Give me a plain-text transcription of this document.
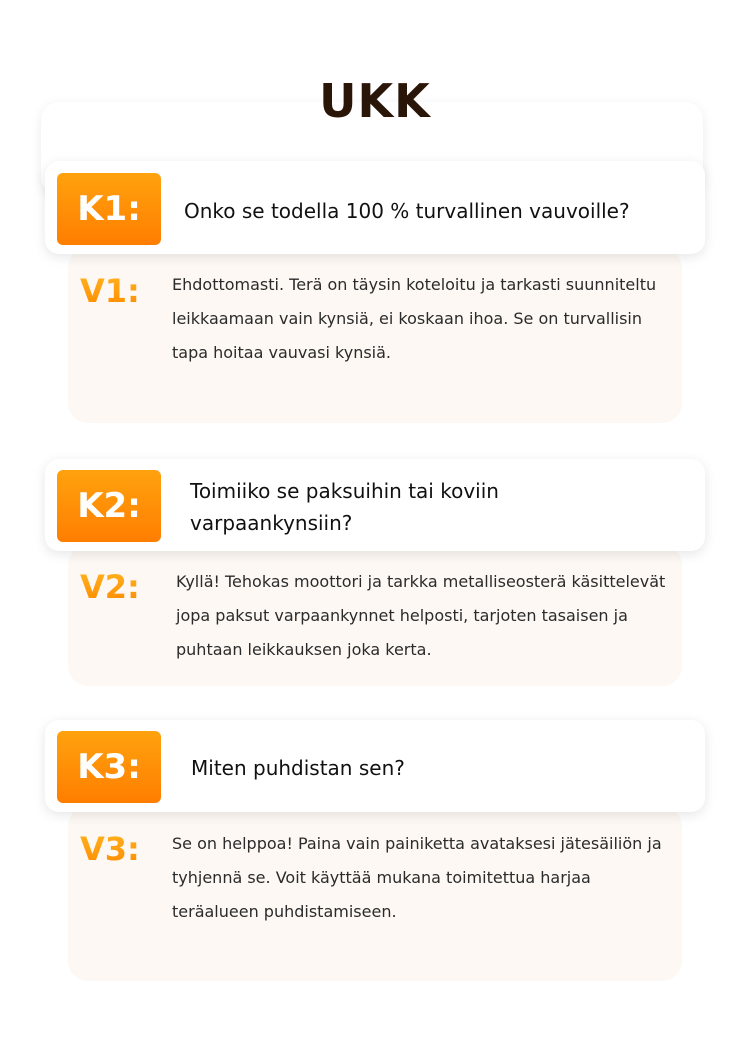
UKK
K1:	Onko se todella 100 % turvallinen vauvoille?
V1: Ehdottomasti. Terä on täysin koteloitu ja tarkasti suunniteltu leikkaamaan vain kynsiä, ei koskaan ihoa. Se on turvallisin tapa hoitaa vauvasi kynsiä.
K2:	Toimiiko se paksuihin tai koviin varpaankynsiin?
V2: Kyllä! Tehokas moottori ja tarkka metalliseosterä käsittelevät jopa paksut varpaankynnet helposti, tarjoten tasaisen ja puhtaan leikkauksen joka kerta.
K3:	Miten puhdistan sen?
V3: Se on helppoa! Paina vain painiketta avataksesi jätesäiliön ja tyhjennä se. Voit käyttää mukana toimitettua harjaa teräalueen puhdistamiseen.
